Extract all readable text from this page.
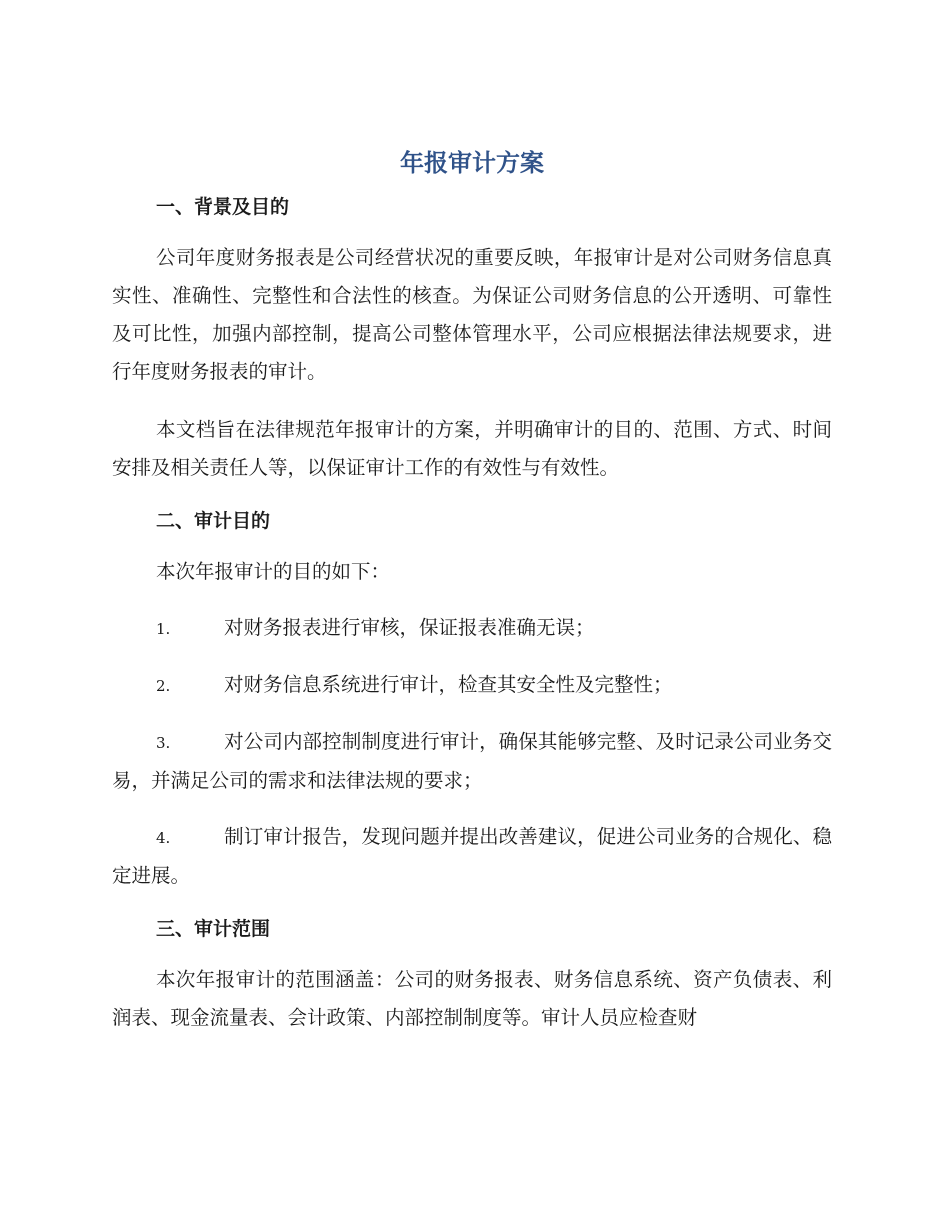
年报审计方案
一、背景及目的

公司年度财务报表是公司经营状况的重要反映，年报审计是对公司财务信息真实性、准确性、完整性和合法性的核查。为保证公司财务信息的公开透明、可靠性及可比性，加强内部控制，提高公司整体管理水平，公司应根据法律法规要求，进行年度财务报表的审计。

本文档旨在法律规范年报审计的方案，并明确审计的目的、范围、方式、时间安排及相关责任人等，以保证审计工作的有效性与有效性。

二、审计目的

本次年报审计的目的如下：

1.	对财务报表进行审核，保证报表准确无误；

2.	对财务信息系统进行审计，检查其安全性及完整性；

3.	对公司内部控制制度进行审计，确保其能够完整、及时记录公司业务交易，并满足公司的需求和法律法规的要求；

4.	制订审计报告，发现问题并提出改善建议，促进公司业务的合规化、稳定进展。

三、审计范围

本次年报审计的范围涵盖：公司的财务报表、财务信息系统、资产负债表、利润表、现金流量表、会计政策、内部控制制度等。审计人员应检查财
